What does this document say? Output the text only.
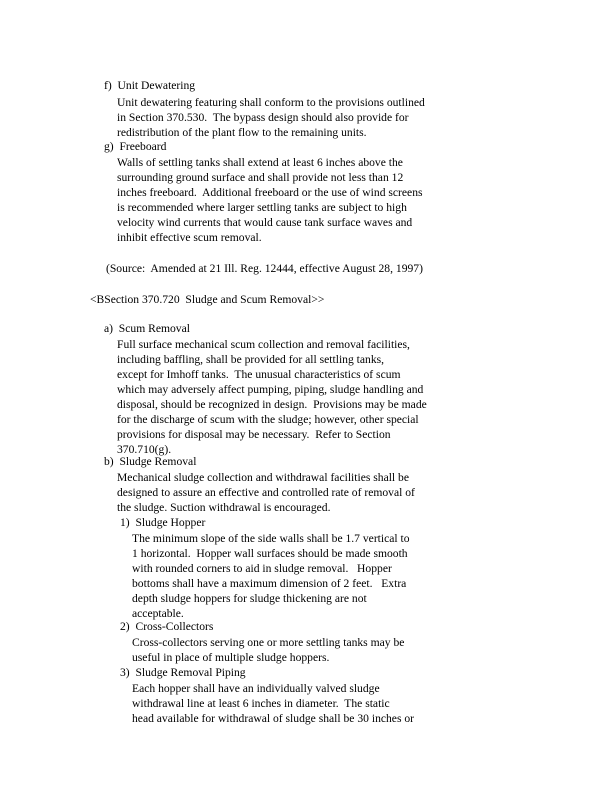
f)  Unit Dewatering
Unit dewatering featuring shall conform to the provisions outlined
in Section 370.530.  The bypass design should also provide for
redistribution of the plant flow to the remaining units.
g)  Freeboard
Walls of settling tanks shall extend at least 6 inches above the
surrounding ground surface and shall provide not less than 12
inches freeboard.  Additional freeboard or the use of wind screens
is recommended where larger settling tanks are subject to high
velocity wind currents that would cause tank surface waves and
inhibit effective scum removal.
(Source:  Amended at 21 Ill. Reg. 12444, effective August 28, 1997)
<BSection 370.720  Sludge and Scum Removal>>
a)  Scum Removal
Full surface mechanical scum collection and removal facilities,
including baffling, shall be provided for all settling tanks,
except for Imhoff tanks.  The unusual characteristics of scum
which may adversely affect pumping, piping, sludge handling and
disposal, should be recognized in design.  Provisions may be made
for the discharge of scum with the sludge; however, other special
provisions for disposal may be necessary.  Refer to Section
370.710(g).
b)  Sludge Removal
Mechanical sludge collection and withdrawal facilities shall be
designed to assure an effective and controlled rate of removal of
the sludge. Suction withdrawal is encouraged.
1)  Sludge Hopper
The minimum slope of the side walls shall be 1.7 vertical to
1 horizontal.  Hopper wall surfaces should be made smooth
with rounded corners to aid in sludge removal.   Hopper
bottoms shall have a maximum dimension of 2 feet.   Extra
depth sludge hoppers for sludge thickening are not
acceptable.
2)  Cross-Collectors
Cross-collectors serving one or more settling tanks may be
useful in place of multiple sludge hoppers.
3)  Sludge Removal Piping
Each hopper shall have an individually valved sludge
withdrawal line at least 6 inches in diameter.  The static
head available for withdrawal of sludge shall be 30 inches or
